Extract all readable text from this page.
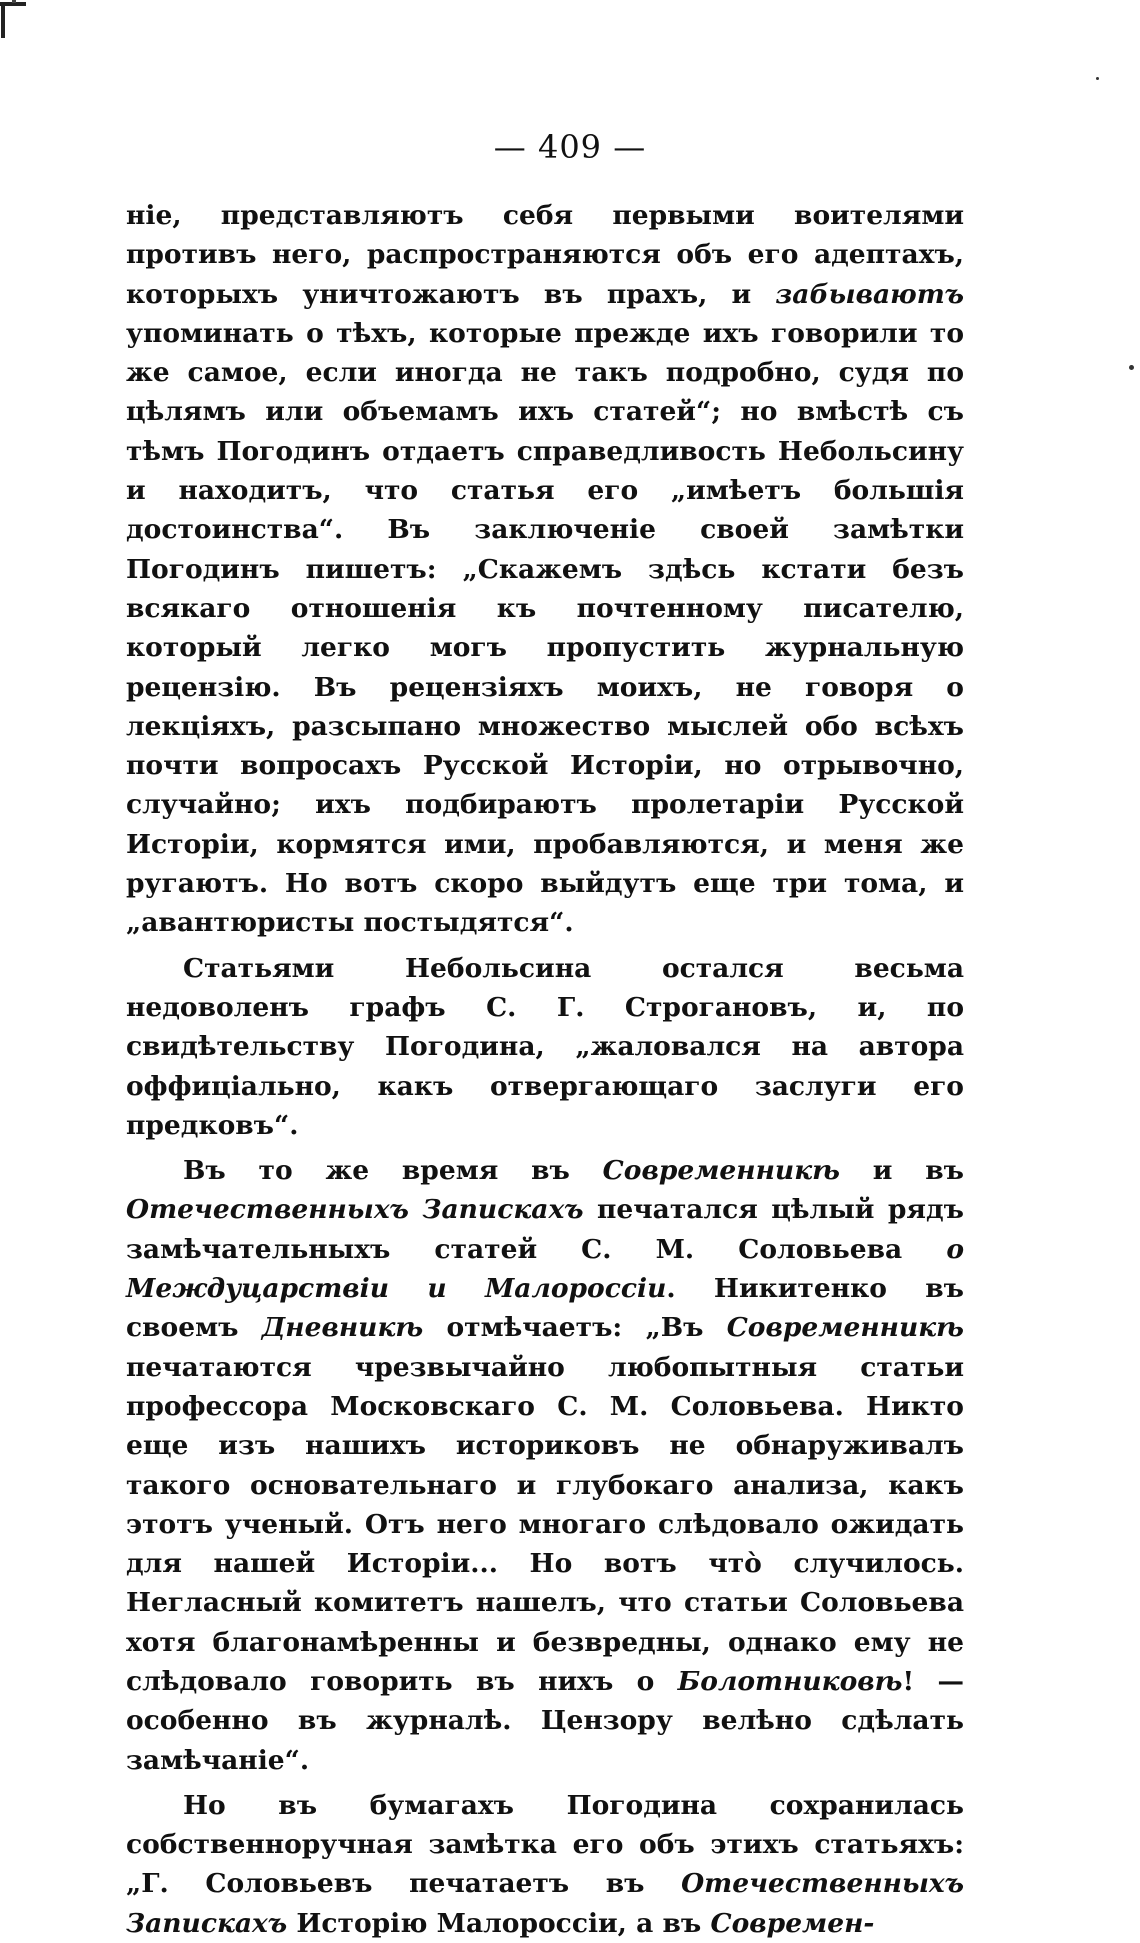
— 409 —

ніе, представляютъ себя первыми воителями противъ него, распространяются объ его адептахъ, которыхъ уничтожаютъ въ прахъ, и забываютъ упоминать о тѣхъ, которые прежде ихъ говорили то же самое, если иногда не такъ подробно, судя по цѣлямъ или объемамъ ихъ статей“; но вмѣстѣ съ тѣмъ Погодинъ отдаетъ справедливость Небольсину и находитъ, что статья его „имѣетъ большія достоинства“. Въ заключеніе своей замѣтки Погодинъ пишетъ: „Скажемъ здѣсь кстати безъ всякаго отношенія къ почтенному писателю, который легко могъ пропустить журнальную рецензію. Въ рецензіяхъ моихъ, не говоря о лекціяхъ, разсыпано множество мыслей обо всѣхъ почти вопросахъ Русской Исторіи, но отрывочно, случайно; ихъ подбираютъ пролетаріи Русской Исторіи, кормятся ими, пробавляются, и меня же ругаютъ. Но вотъ скоро выйдутъ еще три тома, и „авантюристы постыдятся“.

Статьями Небольсина остался весьма недоволенъ графъ С. Г. Строгановъ, и, по свидѣтельству Погодина, „жаловался на автора оффиціально, какъ отвергающаго заслуги его предковъ“.

Въ то же время въ Современникѣ и въ Отечественныхъ Запискахъ печатался цѣлый рядъ замѣчательныхъ статей С. М. Соловьева о Междуцарствіи и Малороссіи. Никитенко въ своемъ Дневникѣ отмѣчаетъ: „Въ Современникѣ печатаются чрезвычайно любопытныя статьи профессора Московскаго С. М. Соловьева. Никто еще изъ нашихъ историковъ не обнаруживалъ такого основательнаго и глубокаго анализа, какъ этотъ ученый. Отъ него многаго слѣдовало ожидать для нашей Исторіи... Но вотъ что̀ случилось. Негласный комитетъ нашелъ, что статьи Соловьева хотя благонамѣренны и безвредны, однако ему не слѣдовало говорить въ нихъ о Болотниковѣ! — особенно въ журналѣ. Цензору велѣно сдѣлать замѣчаніе“.

Но въ бумагахъ Погодина сохранилась собственноручная замѣтка его объ этихъ статьяхъ: „Г. Соловьевъ печатаетъ въ Отечественныхъ Запискахъ Исторію Малороссіи, а въ Современ-
